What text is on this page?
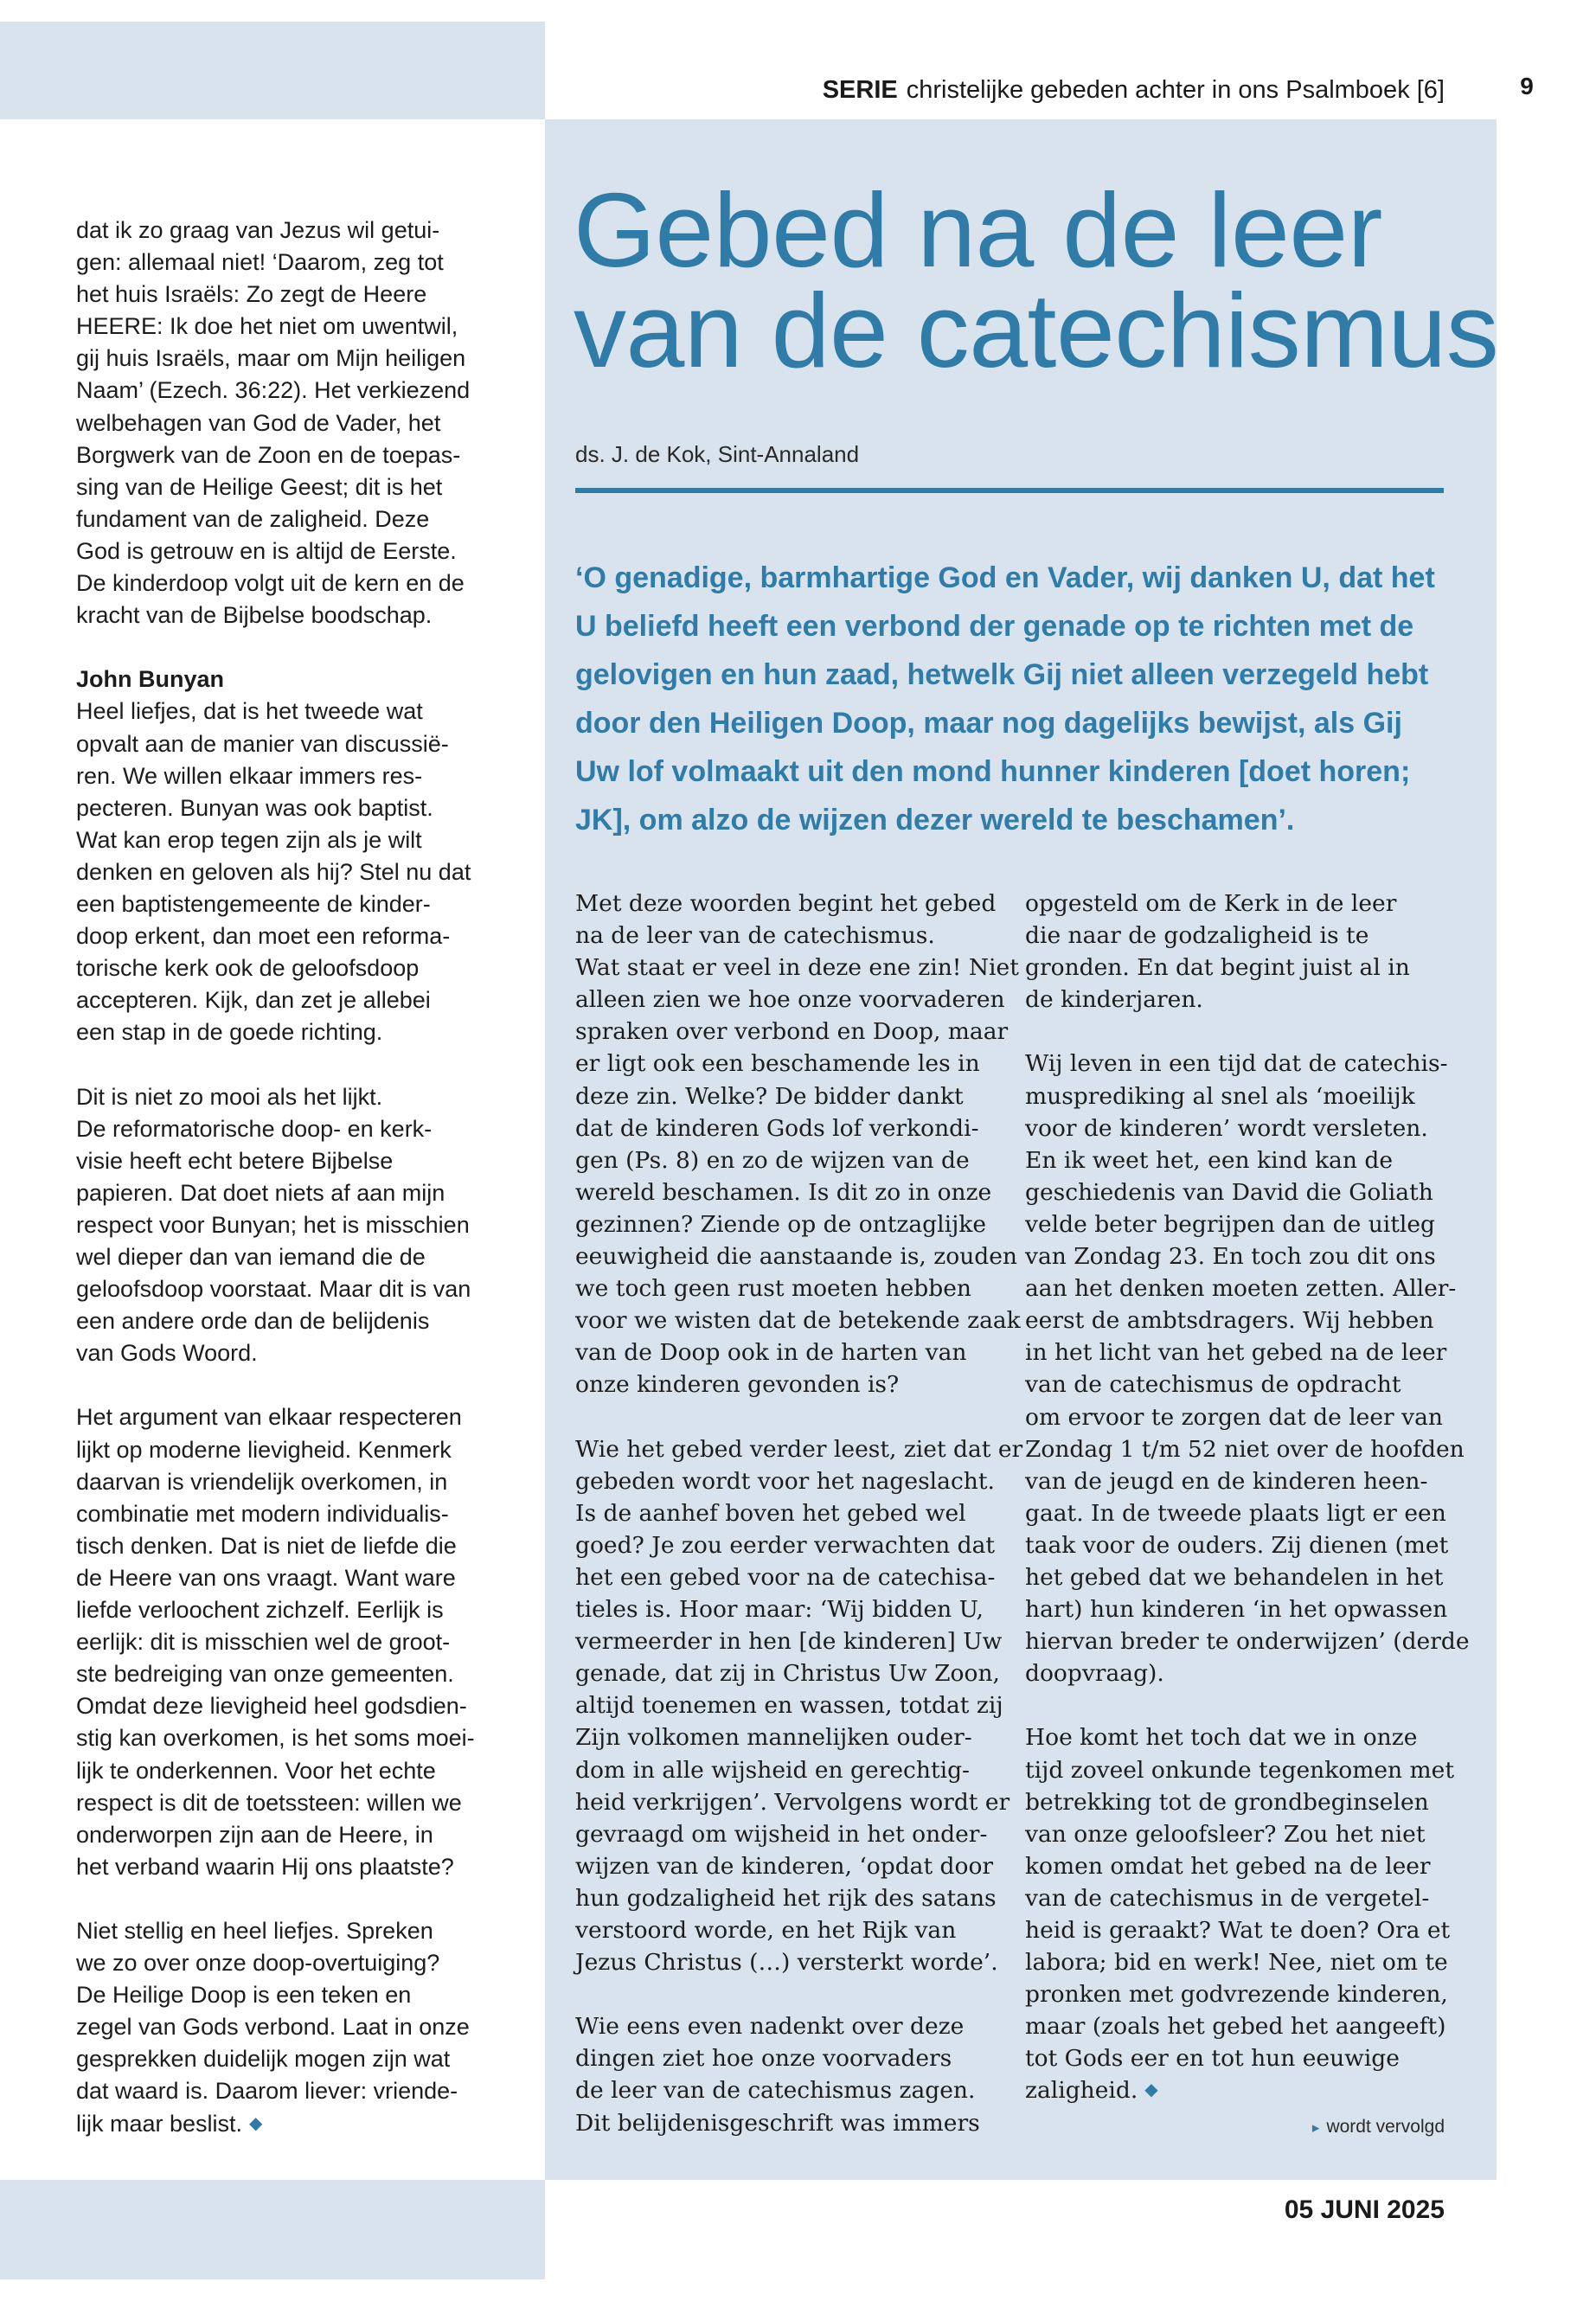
SERIE christelijke gebeden achter in ons Psalmboek [6]	9
Gebed na de leer
van de catechismus
ds. J. de Kok, Sint-Annaland
‘O genadige, barmhartige God en Vader, wij danken U, dat het
U beliefd heeft een verbond der genade op te richten met de
gelovigen en hun zaad, hetwelk Gij niet alleen verzegeld hebt
door den Heiligen Doop, maar nog dagelijks bewijst, als Gij
Uw lof volmaakt uit den mond hunner kinderen [doet horen;
JK], om alzo de wijzen dezer wereld te beschamen’.
dat ik zo graag van Jezus wil getui-
gen: allemaal niet! ‘Daarom, zeg tot
het huis Israëls: Zo zegt de Heere
HEERE: Ik doe het niet om uwentwil,
gij huis Israëls, maar om Mijn heiligen
Naam’ (Ezech. 36:22). Het verkiezend
welbehagen van God de Vader, het
Borgwerk van de Zoon en de toepas-
sing van de Heilige Geest; dit is het
fundament van de zaligheid. Deze
God is getrouw en is altijd de Eerste.
De kinderdoop volgt uit de kern en de
kracht van de Bijbelse boodschap.
John Bunyan
Heel liefjes, dat is het tweede wat
opvalt aan de manier van discussië-
ren. We willen elkaar immers res-
pecteren. Bunyan was ook baptist.
Wat kan erop tegen zijn als je wilt
denken en geloven als hij? Stel nu dat
een baptistengemeente de kinder-
doop erkent, dan moet een reforma-
torische kerk ook de geloofsdoop
accepteren. Kijk, dan zet je allebei
een stap in de goede richting.
Dit is niet zo mooi als het lijkt.
De reformatorische doop- en kerk-
visie heeft echt betere Bijbelse
papieren. Dat doet niets af aan mijn
respect voor Bunyan; het is misschien
wel dieper dan van iemand die de
geloofsdoop voorstaat. Maar dit is van
een andere orde dan de belijdenis
van Gods Woord.
Het argument van elkaar respecteren
lijkt op moderne lievigheid. Kenmerk
daarvan is vriendelijk overkomen, in
combinatie met modern individualis-
tisch denken. Dat is niet de liefde die
de Heere van ons vraagt. Want ware
liefde verloochent zichzelf. Eerlijk is
eerlijk: dit is misschien wel de groot-
ste bedreiging van onze gemeenten.
Omdat deze lievigheid heel godsdien-
stig kan overkomen, is het soms moei-
lijk te onderkennen. Voor het echte
respect is dit de toetssteen: willen we
onderworpen zijn aan de Heere, in
het verband waarin Hij ons plaatste?
Niet stellig en heel liefjes. Spreken
we zo over onze doop-overtuiging?
De Heilige Doop is een teken en
zegel van Gods verbond. Laat in onze
gesprekken duidelijk mogen zijn wat
dat waard is. Daarom liever: vriende-
lijk maar beslist. ◆
Met deze woorden begint het gebed
na de leer van de catechismus.
Wat staat er veel in deze ene zin! Niet
alleen zien we hoe onze voorvaderen
spraken over verbond en Doop, maar
er ligt ook een beschamende les in
deze zin. Welke? De bidder dankt
dat de kinderen Gods lof verkondi-
gen (Ps. 8) en zo de wijzen van de
wereld beschamen. Is dit zo in onze
gezinnen? Ziende op de ontzaglijke
eeuwigheid die aanstaande is, zouden
we toch geen rust moeten hebben
voor we wisten dat de betekende zaak
van de Doop ook in de harten van
onze kinderen gevonden is?
Wie het gebed verder leest, ziet dat er
gebeden wordt voor het nageslacht.
Is de aanhef boven het gebed wel
goed? Je zou eerder verwachten dat
het een gebed voor na de catechisa-
tieles is. Hoor maar: ‘Wij bidden U,
vermeerder in hen [de kinderen] Uw
genade, dat zij in Christus Uw Zoon,
altijd toenemen en wassen, totdat zij
Zijn volkomen mannelijken ouder-
dom in alle wijsheid en gerechtig-
heid verkrijgen’. Vervolgens wordt er
gevraagd om wijsheid in het onder-
wijzen van de kinderen, ‘opdat door
hun godzaligheid het rijk des satans
verstoord worde, en het Rijk van
Jezus Christus (…) versterkt worde’.
Wie eens even nadenkt over deze
dingen ziet hoe onze voorvaders
de leer van de catechismus zagen.
Dit belijdenisgeschrift was immers
opgesteld om de Kerk in de leer
die naar de godzaligheid is te
gronden. En dat begint juist al in
de kinderjaren.
Wij leven in een tijd dat de catechis-
musprediking al snel als ‘moeilijk
voor de kinderen’ wordt versleten.
En ik weet het, een kind kan de
geschiedenis van David die Goliath
velde beter begrijpen dan de uitleg
van Zondag 23. En toch zou dit ons
aan het denken moeten zetten. Aller-
eerst de ambtsdragers. Wij hebben
in het licht van het gebed na de leer
van de catechismus de opdracht
om ervoor te zorgen dat de leer van
Zondag 1 t/m 52 niet over de hoofden
van de jeugd en de kinderen heen-
gaat. In de tweede plaats ligt er een
taak voor de ouders. Zij dienen (met
het gebed dat we behandelen in het
hart) hun kinderen ‘in het opwassen
hiervan breder te onderwijzen’ (derde
doopvraag).
Hoe komt het toch dat we in onze
tijd zoveel onkunde tegenkomen met
betrekking tot de grondbeginselen
van onze geloofsleer? Zou het niet
komen omdat het gebed na de leer
van de catechismus in de vergetel-
heid is geraakt? Wat te doen? Ora et
labora; bid en werk! Nee, niet om te
pronken met godvrezende kinderen,
maar (zoals het gebed het aangeeft)
tot Gods eer en tot hun eeuwige
zaligheid. ◆
▸ wordt vervolgd
05 JUNI 2025
